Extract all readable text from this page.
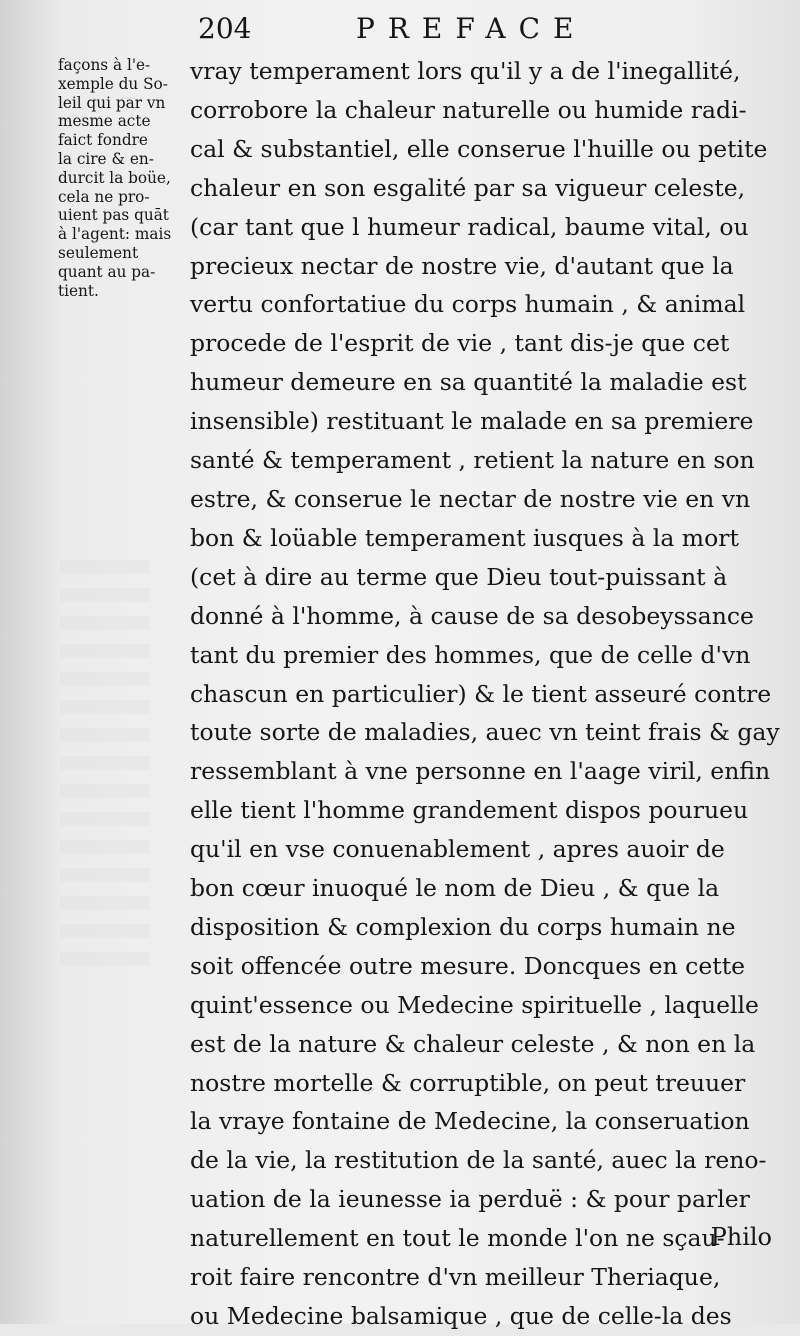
204	PREFACE
façons à l'e-
xemple du So-
leil qui par vn
mesme acte
faict fondre
la cire & en-
durcit la boüe,
cela ne pro-
uient pas quāt
à l'agent: mais
seulement
quant au pa-
tient.
vray temperament lors qu'il y a de l'inegallité,
corrobore la chaleur naturelle ou humide radi-
cal & substantiel, elle conserue l'huille ou petite
chaleur en son esgalité par sa vigueur celeste,
(car tant que l humeur radical, baume vital, ou
precieux nectar de nostre vie, d'autant que la
vertu confortatiue du corps humain , & animal
procede de l'esprit de vie , tant dis-je que cet
humeur demeure en sa quantité la maladie est
insensible) restituant le malade en sa premiere
santé & temperament , retient la nature en son
estre, & conserue le nectar de nostre vie en vn
bon & loüable temperament iusques à la mort
(cet à dire au terme que Dieu tout-puissant à
donné à l'homme, à cause de sa desobeyssance
tant du premier des hommes, que de celle d'vn
chascun en particulier) & le tient asseuré contre
toute sorte de maladies, auec vn teint frais & gay
ressemblant à vne personne en l'aage viril, enfin
elle tient l'homme grandement dispos pourueu
qu'il en vse conuenablement , apres auoir de
bon cœur inuoqué le nom de Dieu , & que la
disposition & complexion du corps humain ne
soit offencée outre mesure. Doncques en cette
quint'essence ou Medecine spirituelle , laquelle
est de la nature & chaleur celeste , & non en la
nostre mortelle & corruptible, on peut treuuer
la vraye fontaine de Medecine, la conseruation
de la vie, la restitution de la santé, auec la reno-
uation de la ieunesse ia perduë : & pour parler
naturellement en tout le monde l'on ne sçau-
roit faire rencontre d'vn meilleur Theriaque,
ou Medecine balsamique , que de celle-la des
Philo
